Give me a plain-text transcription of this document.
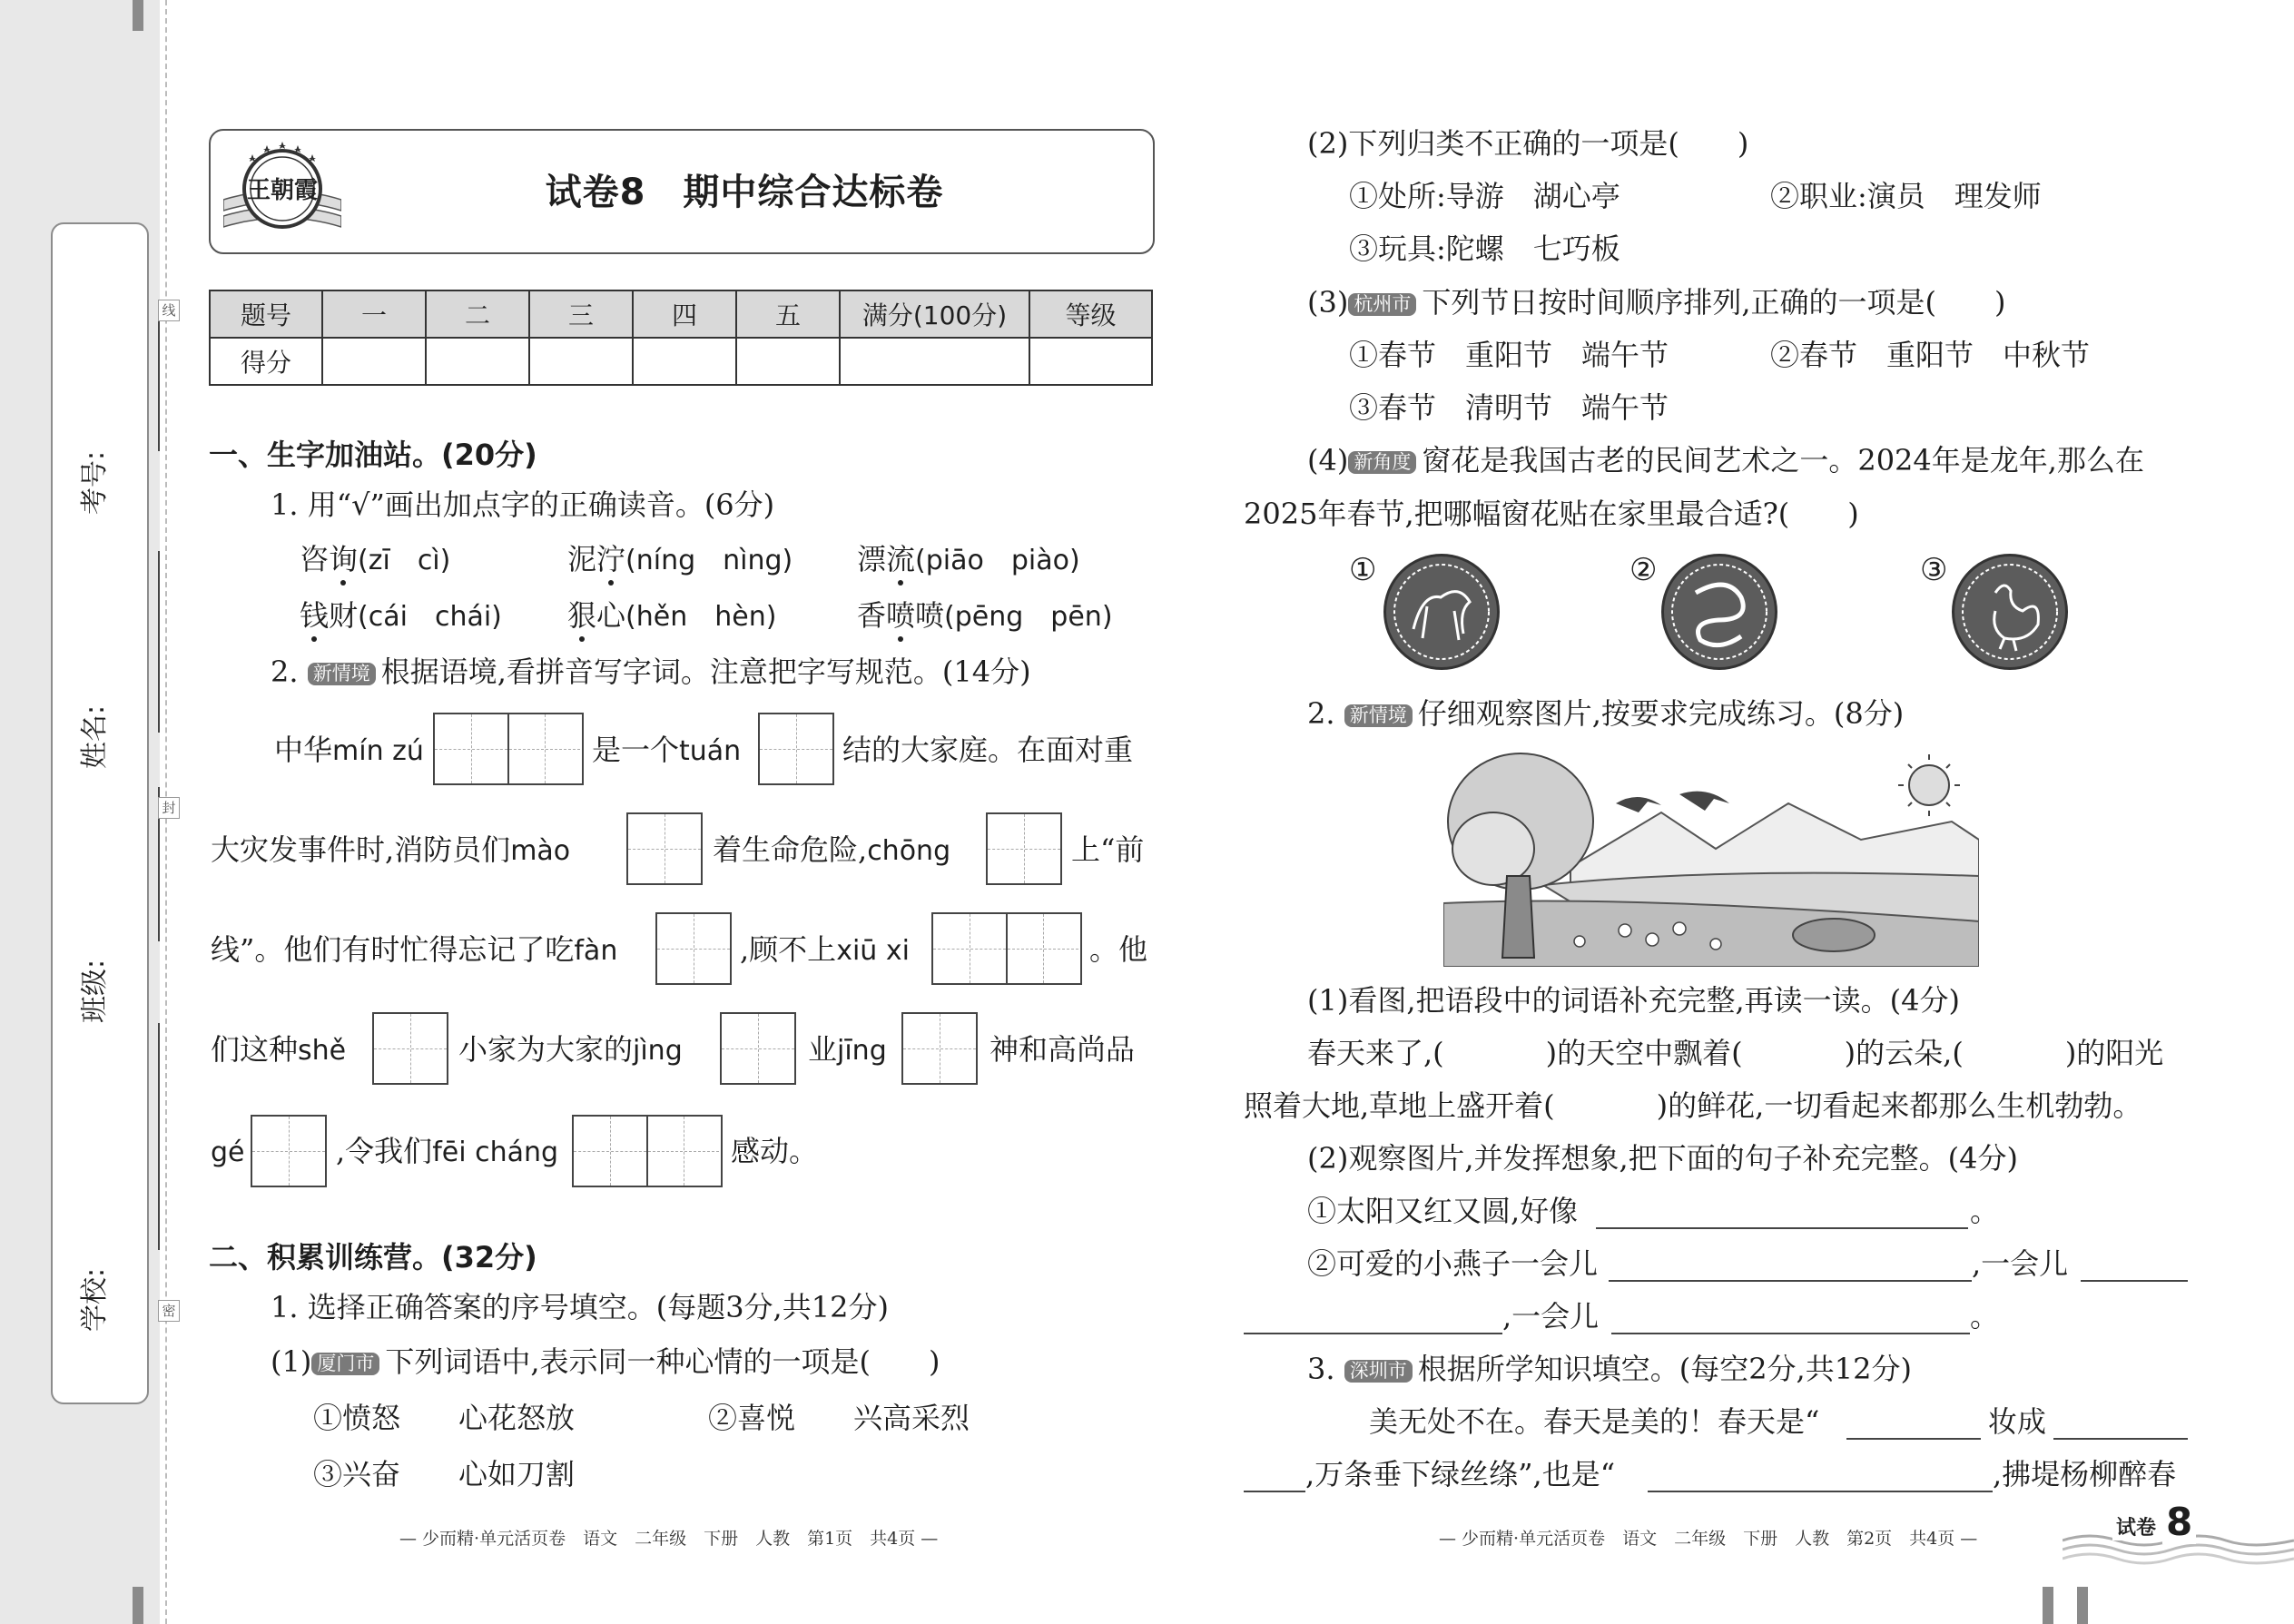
考号:
姓名:
班级:
学校:
线
封
密
王朝霞	试卷8　期中综合达标卷
题号	一	二	三	四	五	满分(100分)	等级
得分							
一、生字加油站。(20分)
1. 用“√”画出加点字的正确读音。(6分)
咨询(zī　cì)	泥泞(níng　nìng) 漂流(piāo　piào)
钱财(cái　chái) 狠心(hěn　hèn)	香喷喷(pēng　pēn)
2. 新情境 根据语境,看拼音写字词。注意把字写规范。(14分)
中华mín zú	是一个tuán	结的大家庭。在面对重
大灾发事件时,消防员们mào	着生命危险,chōng	上“前
线”。他们有时忙得忘记了吃fàn	,顾不上xiū xi	。他
们这种shě	小家为大家的jìng	业jīng	神和高尚品
gé	,令我们fēi cháng	感动。
二、积累训练营。(32分)
1. 选择正确答案的序号填空。(每题3分,共12分)
(1) 厦门市 下列词语中,表示同一种心情的一项是(　　)
①愤怒　　心花怒放	②喜悦　　兴高采烈
③兴奋　　心如刀割
— 少而精·单元活页卷　语文　二年级　下册　人教　第1页　共4页 —
(2)下列归类不正确的一项是(　　)
①处所:导游　湖心亭	②职业:演员　理发师
③玩具:陀螺　七巧板
(3) 杭州市 下列节日按时间顺序排列,正确的一项是(　　)
①春节　重阳节　端午节	②春节　重阳节　中秋节
③春节　清明节　端午节
(4) 新角度 窗花是我国古老的民间艺术之一。2024年是龙年,那么在
2025年春节,把哪幅窗花贴在家里最合适?(　　)
①	②	③
2. 新情境 仔细观察图片,按要求完成练习。(8分)
(1)看图,把语段中的词语补充完整,再读一读。(4分)
春天来了,(	)的天空中飘着(	)的云朵,(	)的阳光
照着大地,草地上盛开着(	)的鲜花,一切看起来都那么生机勃勃。
(2)观察图片,并发挥想象,把下面的句子补充完整。(4分)
①太阳又红又圆,好像	。
②可爱的小燕子一会儿	,一会儿
,一会儿	。
3. 深圳市 根据所学知识填空。(每空2分,共12分)
美无处不在。春天是美的！春天是“	妆成
,万条垂下绿丝绦”,也是“	,拂堤杨柳醉春
— 少而精·单元活页卷　语文　二年级　下册　人教　第2页　共4页 —	试卷 8
